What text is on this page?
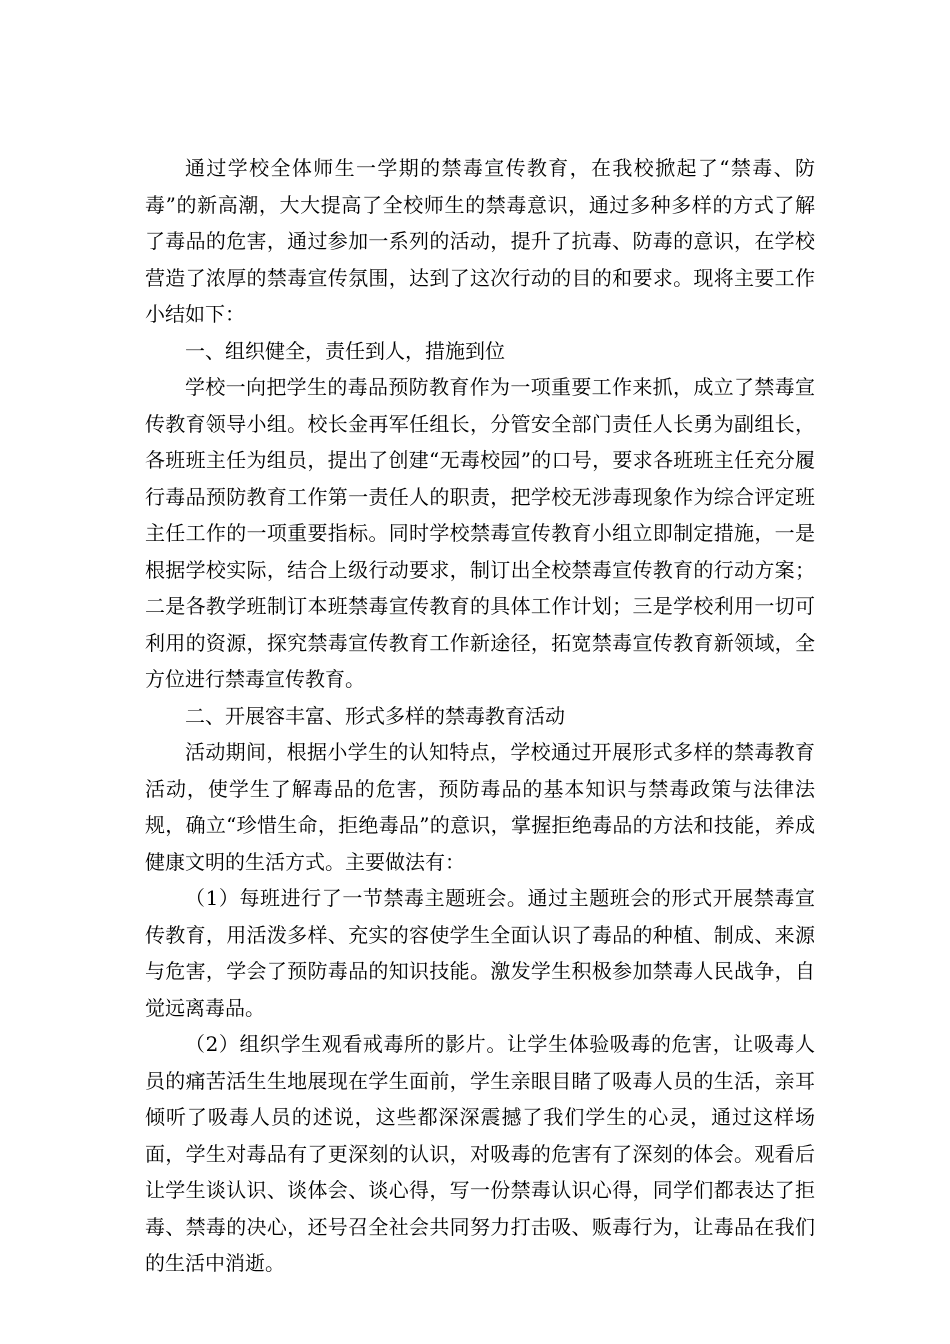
通过学校全体师生一学期的禁毒宣传教育，在我校掀起了“禁毒、防毒”的新高潮，大大提高了全校师生的禁毒意识，通过多种多样的方式了解了毒品的危害，通过参加一系列的活动，提升了抗毒、防毒的意识，在学校营造了浓厚的禁毒宣传氛围，达到了这次行动的目的和要求。现将主要工作小结如下：

一、组织健全，责任到人，措施到位

学校一向把学生的毒品预防教育作为一项重要工作来抓，成立了禁毒宣传教育领导小组。校长金再军任组长，分管安全部门责任人长勇为副组长，各班班主任为组员，提出了创建“无毒校园”的口号，要求各班班主任充分履行毒品预防教育工作第一责任人的职责，把学校无涉毒现象作为综合评定班主任工作的一项重要指标。同时学校禁毒宣传教育小组立即制定措施，一是根据学校实际，结合上级行动要求，制订出全校禁毒宣传教育的行动方案；二是各教学班制订本班禁毒宣传教育的具体工作计划；三是学校利用一切可利用的资源，探究禁毒宣传教育工作新途径，拓宽禁毒宣传教育新领域，全方位进行禁毒宣传教育。

二、开展容丰富、形式多样的禁毒教育活动

活动期间，根据小学生的认知特点，学校通过开展形式多样的禁毒教育活动，使学生了解毒品的危害，预防毒品的基本知识与禁毒政策与法律法规，确立“珍惜生命，拒绝毒品”的意识，掌握拒绝毒品的方法和技能，养成健康文明的生活方式。主要做法有：

（1）每班进行了一节禁毒主题班会。通过主题班会的形式开展禁毒宣传教育，用活泼多样、充实的容使学生全面认识了毒品的种植、制成、来源与危害，学会了预防毒品的知识技能。激发学生积极参加禁毒人民战争，自觉远离毒品。

（2）组织学生观看戒毒所的影片。让学生体验吸毒的危害，让吸毒人员的痛苦活生生地展现在学生面前，学生亲眼目睹了吸毒人员的生活，亲耳倾听了吸毒人员的述说，这些都深深震撼了我们学生的心灵，通过这样场面，学生对毒品有了更深刻的认识，对吸毒的危害有了深刻的体会。观看后让学生谈认识、谈体会、谈心得，写一份禁毒认识心得，同学们都表达了拒毒、禁毒的决心，还号召全社会共同努力打击吸、贩毒行为，让毒品在我们的生活中消逝。
